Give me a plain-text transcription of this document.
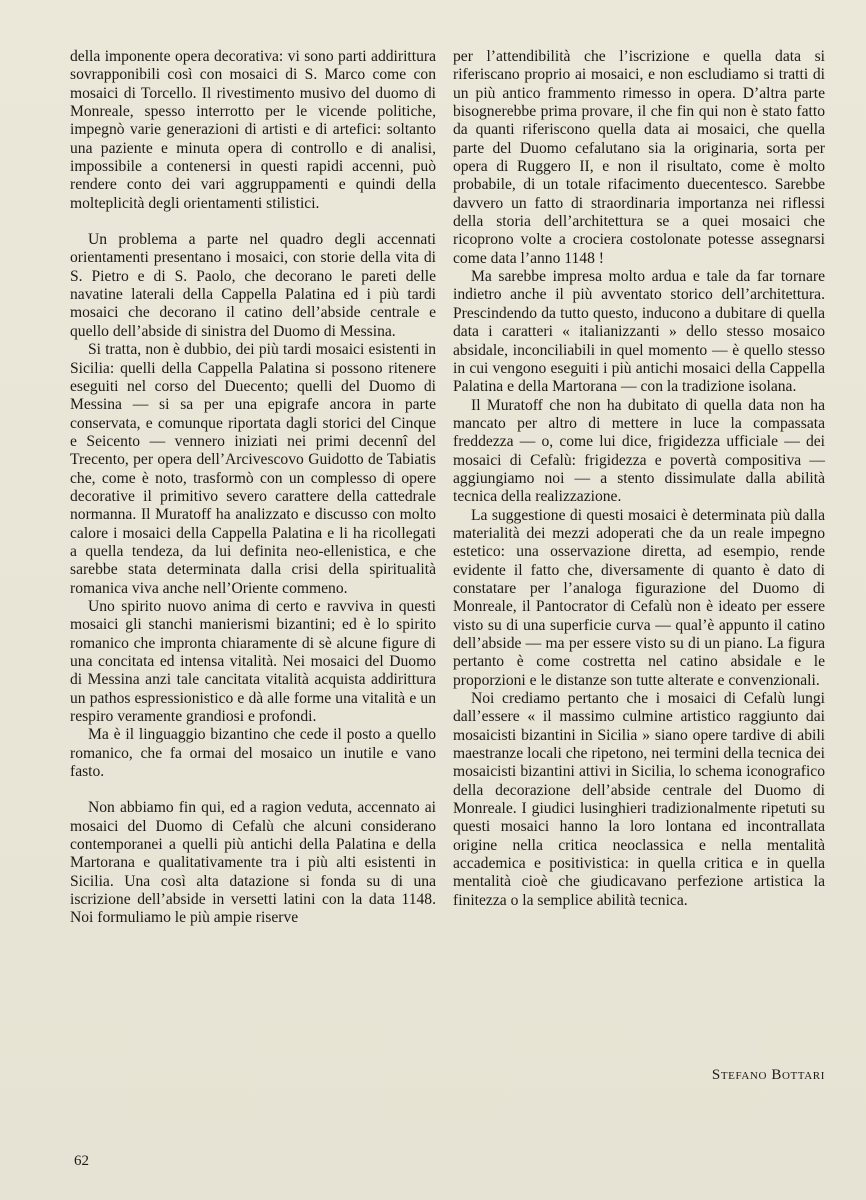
della imponente opera decorativa: vi sono parti addirittura sovrapponibili così con mosaici di S. Marco come con mosaici di Torcello. Il rivestimento musivo del duomo di Monreale, spesso interrotto per le vicende politiche, impegnò varie generazioni di artisti e di artefici: soltanto una paziente e minuta opera di controllo e di analisi, impossibile a contenersi in questi rapidi accenni, può rendere conto dei vari aggruppamenti e quindi della molteplicità degli orientamenti stilistici.

Un problema a parte nel quadro degli accennati orientamenti presentano i mosaici, con storie della vita di S. Pietro e di S. Paolo, che decorano le pareti delle navatine laterali della Cappella Palatina ed i più tardi mosaici che decorano il catino dell’abside centrale e quello dell’abside di sinistra del Duomo di Messina.

Si tratta, non è dubbio, dei più tardi mosaici esistenti in Sicilia: quelli della Cappella Palatina si possono ritenere eseguiti nel corso del Duecento; quelli del Duomo di Messina — si sa per una epigrafe ancora in parte conservata, e comunque riportata dagli storici del Cinque e Seicento — vennero iniziati nei primi decennî del Trecento, per opera dell’Arcivescovo Guidotto de Tabiatis che, come è noto, trasformò con un complesso di opere decorative il primitivo severo carattere della cattedrale normanna. Il Muratoff ha analizzato e discusso con molto calore i mosaici della Cappella Palatina e li ha ricollegati a quella tendeza, da lui definita neo-ellenistica, e che sarebbe stata determinata dalla crisi della spiritualità romanica viva anche nell’Oriente commeno.

Uno spirito nuovo anima di certo e ravviva in questi mosaici gli stanchi manierismi bizantini; ed è lo spirito romanico che impronta chiaramente di sè alcune figure di una concitata ed intensa vitalità. Nei mosaici del Duomo di Messina anzi tale cancitata vitalità acquista addirittura un pathos espressionistico e dà alle forme una vitalità e un respiro veramente grandiosi e profondi.

Ma è il linguaggio bizantino che cede il posto a quello romanico, che fa ormai del mosaico un inutile e vano fasto.

Non abbiamo fin qui, ed a ragion veduta, accennato ai mosaici del Duomo di Cefalù che alcuni considerano contemporanei a quelli più antichi della Palatina e della Martorana e qualitativamente tra i più alti esistenti in Sicilia. Una così alta datazione si fonda su di una iscrizione dell’abside in versetti latini con la data 1148. Noi formuliamo le più ampie riserve

per l’attendibilità che l’iscrizione e quella data si riferiscano proprio ai mosaici, e non escludiamo si tratti di un più antico frammento rimesso in opera. D’altra parte bisognerebbe prima provare, il che fin qui non è stato fatto da quanti riferiscono quella data ai mosaici, che quella parte del Duomo cefalutano sia la originaria, sorta per opera di Ruggero II, e non il risultato, come è molto probabile, di un totale rifacimento duecentesco. Sarebbe davvero un fatto di straordinaria importanza nei riflessi della storia dell’architettura se a quei mosaici che ricoprono volte a crociera costolonate potesse assegnarsi come data l’anno 1148 !

Ma sarebbe impresa molto ardua e tale da far tornare indietro anche il più avventato storico dell’architettura. Prescindendo da tutto questo, inducono a dubitare di quella data i caratteri « italianizzanti » dello stesso mosaico absidale, inconciliabili in quel momento — è quello stesso in cui vengono eseguiti i più antichi mosaici della Cappella Palatina e della Martorana — con la tradizione isolana.

Il Muratoff che non ha dubitato di quella data non ha mancato per altro di mettere in luce la compassata freddezza — o, come lui dice, frigidezza ufficiale — dei mosaici di Cefalù: frigidezza e povertà compositiva — aggiungiamo noi — a stento dissimulate dalla abilità tecnica della realizzazione.

La suggestione di questi mosaici è determinata più dalla materialità dei mezzi adoperati che da un reale impegno estetico: una osservazione diretta, ad esempio, rende evidente il fatto che, diversamente di quanto è dato di constatare per l’analoga figurazione del Duomo di Monreale, il Pantocrator di Cefalù non è ideato per essere visto su di una superficie curva — qual’è appunto il catino dell’abside — ma per essere visto su di un piano. La figura pertanto è come costretta nel catino absidale e le proporzioni e le distanze son tutte alterate e convenzionali.

Noi crediamo pertanto che i mosaici di Cefalù lungi dall’essere « il massimo culmine artistico raggiunto dai mosaicisti bizantini in Sicilia » siano opere tardive di abili maestranze locali che ripetono, nei termini della tecnica dei mosaicisti bizantini attivi in Sicilia, lo schema iconografico della decorazione dell’abside centrale del Duomo di Monreale. I giudici lusinghieri tradizionalmente ripetuti su questi mosaici hanno la loro lontana ed incontrallata origine nella critica neoclassica e nella mentalità accademica e positivistica: in quella critica e in quella mentalità cioè che giudicavano perfezione artistica la finitezza o la semplice abilità tecnica.

Stefano Bottari
62
